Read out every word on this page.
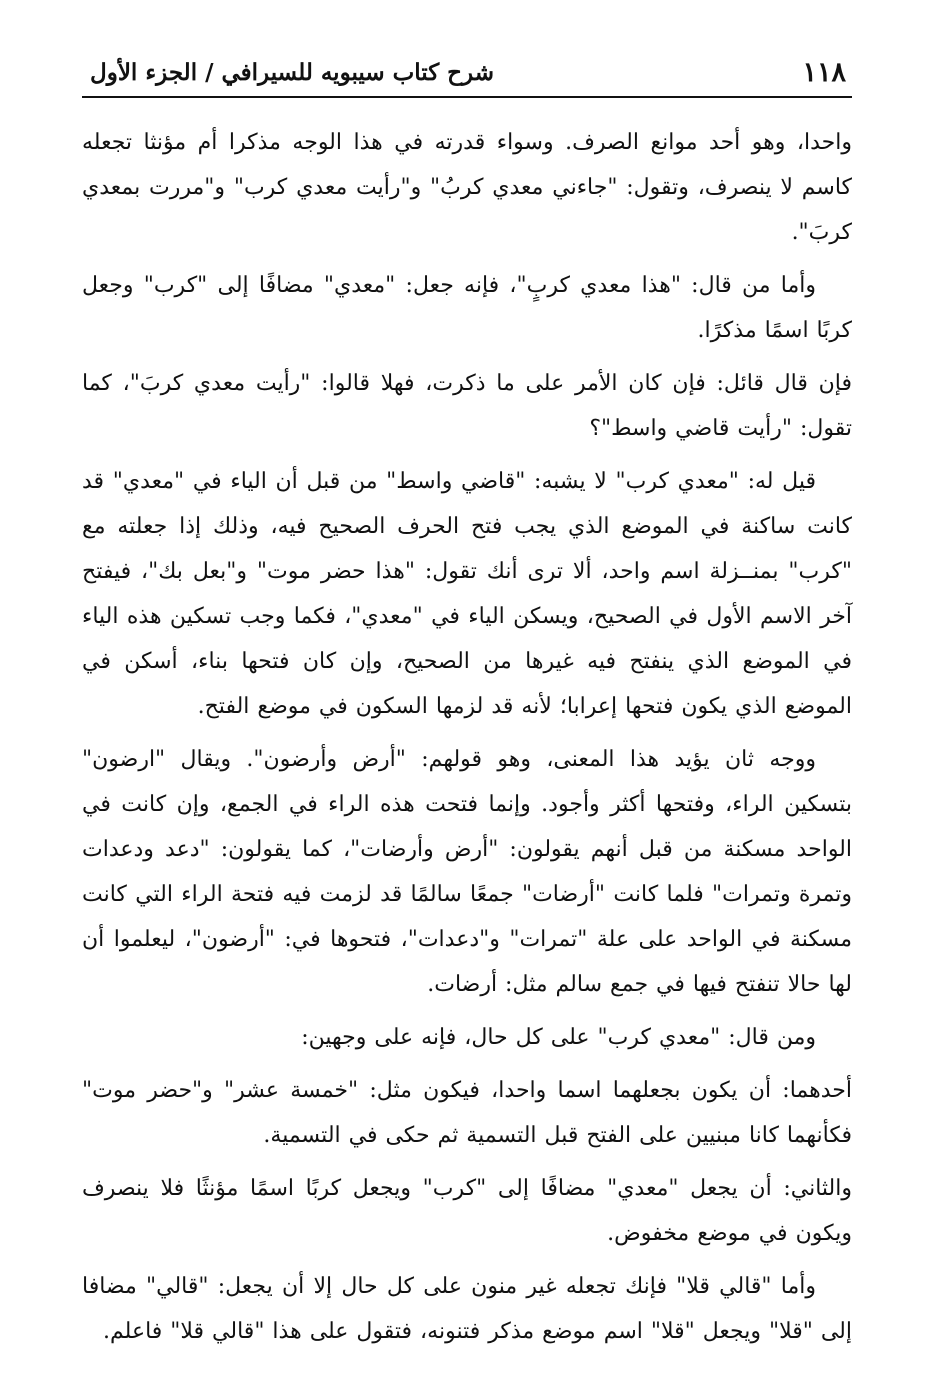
١١٨
شرح كتاب سيبويه للسيرافي / الجزء الأول

واحدا، وهو أحد موانع الصرف. وسواء قدرته في هذا الوجه مذكرا أم مؤنثا تجعله كاسم لا ينصرف، وتقول: "جاءني معدي كربُ" و"رأيت معدي كرب" و"مررت بمعدي كربَ".

وأما من قال: "هذا معدي كربٍ"، فإنه جعل: "معدي" مضافًا إلى "كرب" وجعل كربًا اسمًا مذكرًا.

فإن قال قائل: فإن كان الأمر على ما ذكرت، فهلا قالوا: "رأيت معدي كربَ"، كما تقول: "رأيت قاضي واسط"؟

قيل له: "معدي كرب" لا يشبه: "قاضي واسط" من قبل أن الياء في "معدي" قد كانت ساكنة في الموضع الذي يجب فتح الحرف الصحيح فيه، وذلك إذا جعلته مع "كرب" بمنــزلة اسم واحد، ألا ترى أنك تقول: "هذا حضر موت" و"بعل بك"، فيفتح آخر الاسم الأول في الصحيح، ويسكن الياء في "معدي"، فكما وجب تسكين هذه الياء في الموضع الذي ينفتح فيه غيرها من الصحيح، وإن كان فتحها بناء، أسكن في الموضع الذي يكون فتحها إعرابا؛ لأنه قد لزمها السكون في موضع الفتح.

ووجه ثان يؤيد هذا المعنى، وهو قولهم: "أرض وأرضون". ويقال "ارضون" بتسكين الراء، وفتحها أكثر وأجود. وإنما فتحت هذه الراء في الجمع، وإن كانت في الواحد مسكنة من قبل أنهم يقولون: "أرض وأرضات"، كما يقولون: "دعد ودعدات وتمرة وتمرات" فلما كانت "أرضات" جمعًا سالمًا قد لزمت فيه فتحة الراء التي كانت مسكنة في الواحد على علة "تمرات" و"دعدات"، فتحوها في: "أرضون"، ليعلموا أن لها حالا تنفتح فيها في جمع سالم مثل: أرضات.

ومن قال: "معدي كرب" على كل حال، فإنه على وجهين:

أحدهما: أن يكون بجعلهما اسما واحدا، فيكون مثل: "خمسة عشر" و"حضر موت" فكأنهما كانا مبنيين على الفتح قبل التسمية ثم حكى في التسمية.

والثاني: أن يجعل "معدي" مضافًا إلى "كرب" ويجعل كربًا اسمًا مؤنثًا فلا ينصرف ويكون في موضع مخفوض.

وأما "قالي قلا" فإنك تجعله غير منون على كل حال إلا أن يجعل: "قالي" مضافا إلى "قلا" ويجعل "قلا" اسم موضع مذكر فتنونه، فتقول على هذا "قالي قلا" فاعلم.
